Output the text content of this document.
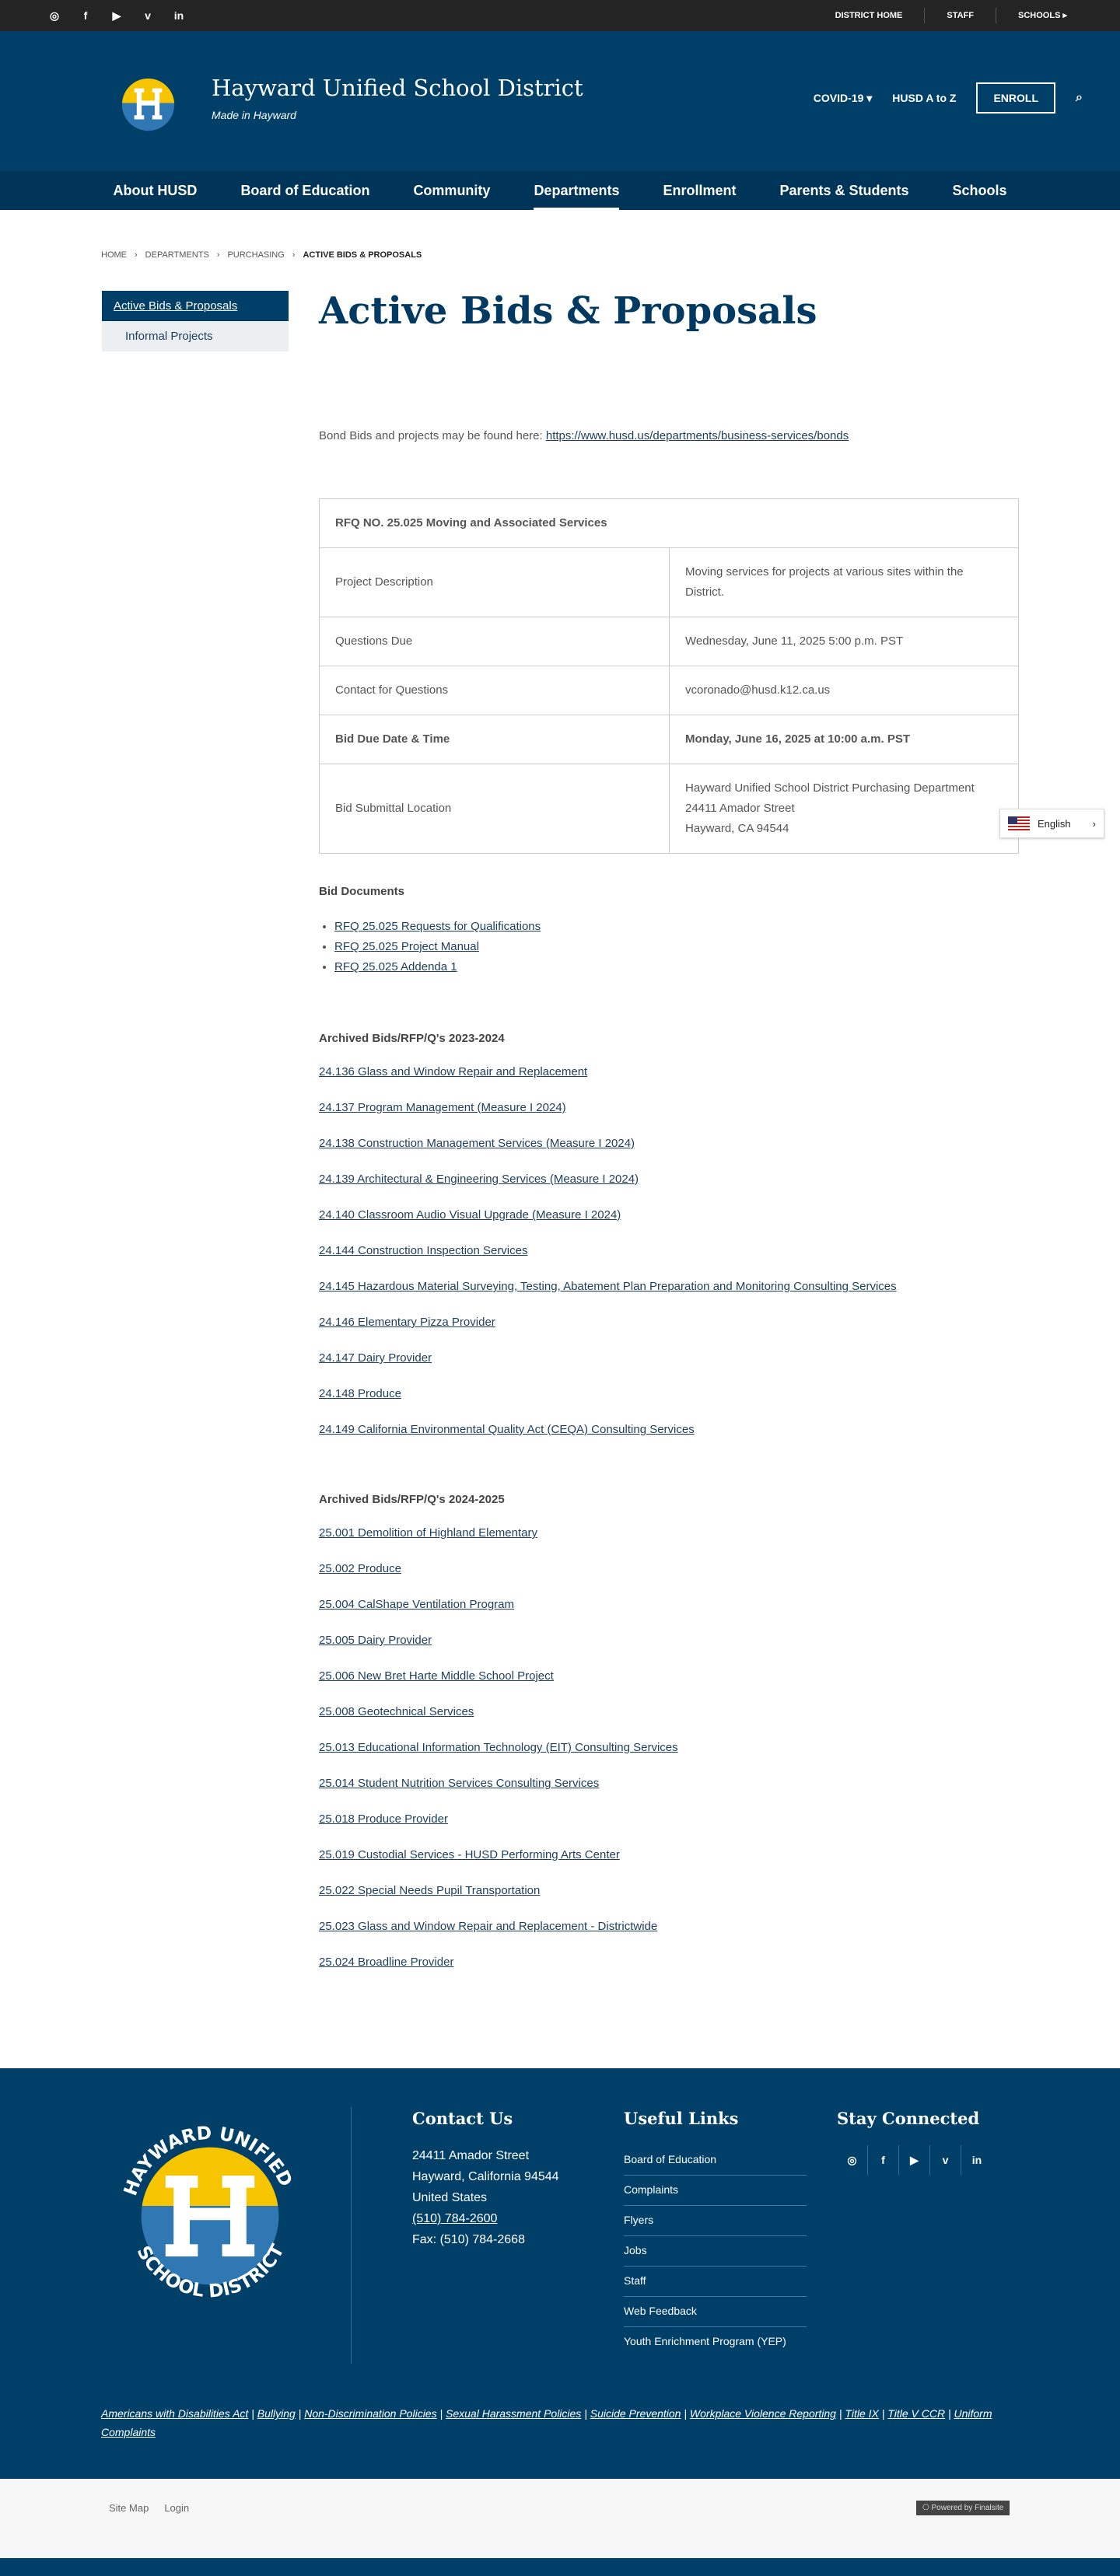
◎	f	▶	v	in	DISTRICT HOME	STAFF	SCHOOLS ▸
Hayward Unified School District
Made in Hayward
COVID-19 ▾ HUSD A to Z	ENROLL	⌕
About HUSD	Board of Education	Community	Departments	Enrollment	Parents & Students	Schools
HOME › DEPARTMENTS › PURCHASING › ACTIVE BIDS & PROPOSALS
Active Bids & Proposals
Informal Projects
Active Bids & Proposals

Bond Bids and projects may be found here: https://www.husd.us/departments/business-services/bonds

RFQ NO. 25.025 Moving and Associated Services	
Project Description	Moving services for projects at various sites within the District.
Questions Due	Wednesday, June 11, 2025 5:00 p.m. PST
Contact for Questions	vcoronado@husd.k12.ca.us
Bid Due Date & Time	Monday, June 16, 2025 at 10:00 a.m. PST
Bid Submittal Location	Hayward Unified School District Purchasing Department
24411 Amador Street
Hayward, CA 94544
Bid Documents
• RFQ 25.025 Requests for Qualifications
• RFQ 25.025 Project Manual
• RFQ 25.025 Addenda 1
Archived Bids/RFP/Q's 2023-2024
24.136 Glass and Window Repair and Replacement
24.137 Program Management (Measure I 2024)
24.138 Construction Management Services (Measure I 2024)
24.139 Architectural & Engineering Services (Measure I 2024)
24.140 Classroom Audio Visual Upgrade (Measure I 2024)
24.144 Construction Inspection Services
24.145 Hazardous Material Surveying, Testing, Abatement Plan Preparation and Monitoring Consulting Services
24.146 Elementary Pizza Provider
24.147 Dairy Provider
24.148 Produce
24.149 California Environmental Quality Act (CEQA) Consulting Services
Archived Bids/RFP/Q's 2024-2025
25.001 Demolition of Highland Elementary
25.002 Produce
25.004 CalShape Ventilation Program
25.005 Dairy Provider
25.006 New Bret Harte Middle School Project
25.008 Geotechnical Services
25.013 Educational Information Technology (EIT) Consulting Services
25.014 Student Nutrition Services Consulting Services
25.018 Produce Provider
25.019 Custodial Services - HUSD Performing Arts Center
25.022 Special Needs Pupil Transportation
25.023 Glass and Window Repair and Replacement - Districtwide
25.024 Broadline Provider
English ›
HAYWARD UNIFIED
SCHOOL DISTRICT
Contact Us
24411 Amador Street
Hayward, California 94544
United States
(510) 784-2600
Fax: (510) 784-2668
Useful Links
Board of Education
Complaints
Flyers
Jobs
Staff
Web Feedback
Youth Enrichment Program (YEP)
Stay Connected
◎	f	▶	v	in
Americans with Disabilities Act | Bullying | Non-Discrimination Policies | Sexual Harassment Policies | Suicide Prevention | Workplace Violence Reporting | Title IX | Title V CCR | Uniform Complaints
Site Map Login	⎔ Powered by Finalsite
